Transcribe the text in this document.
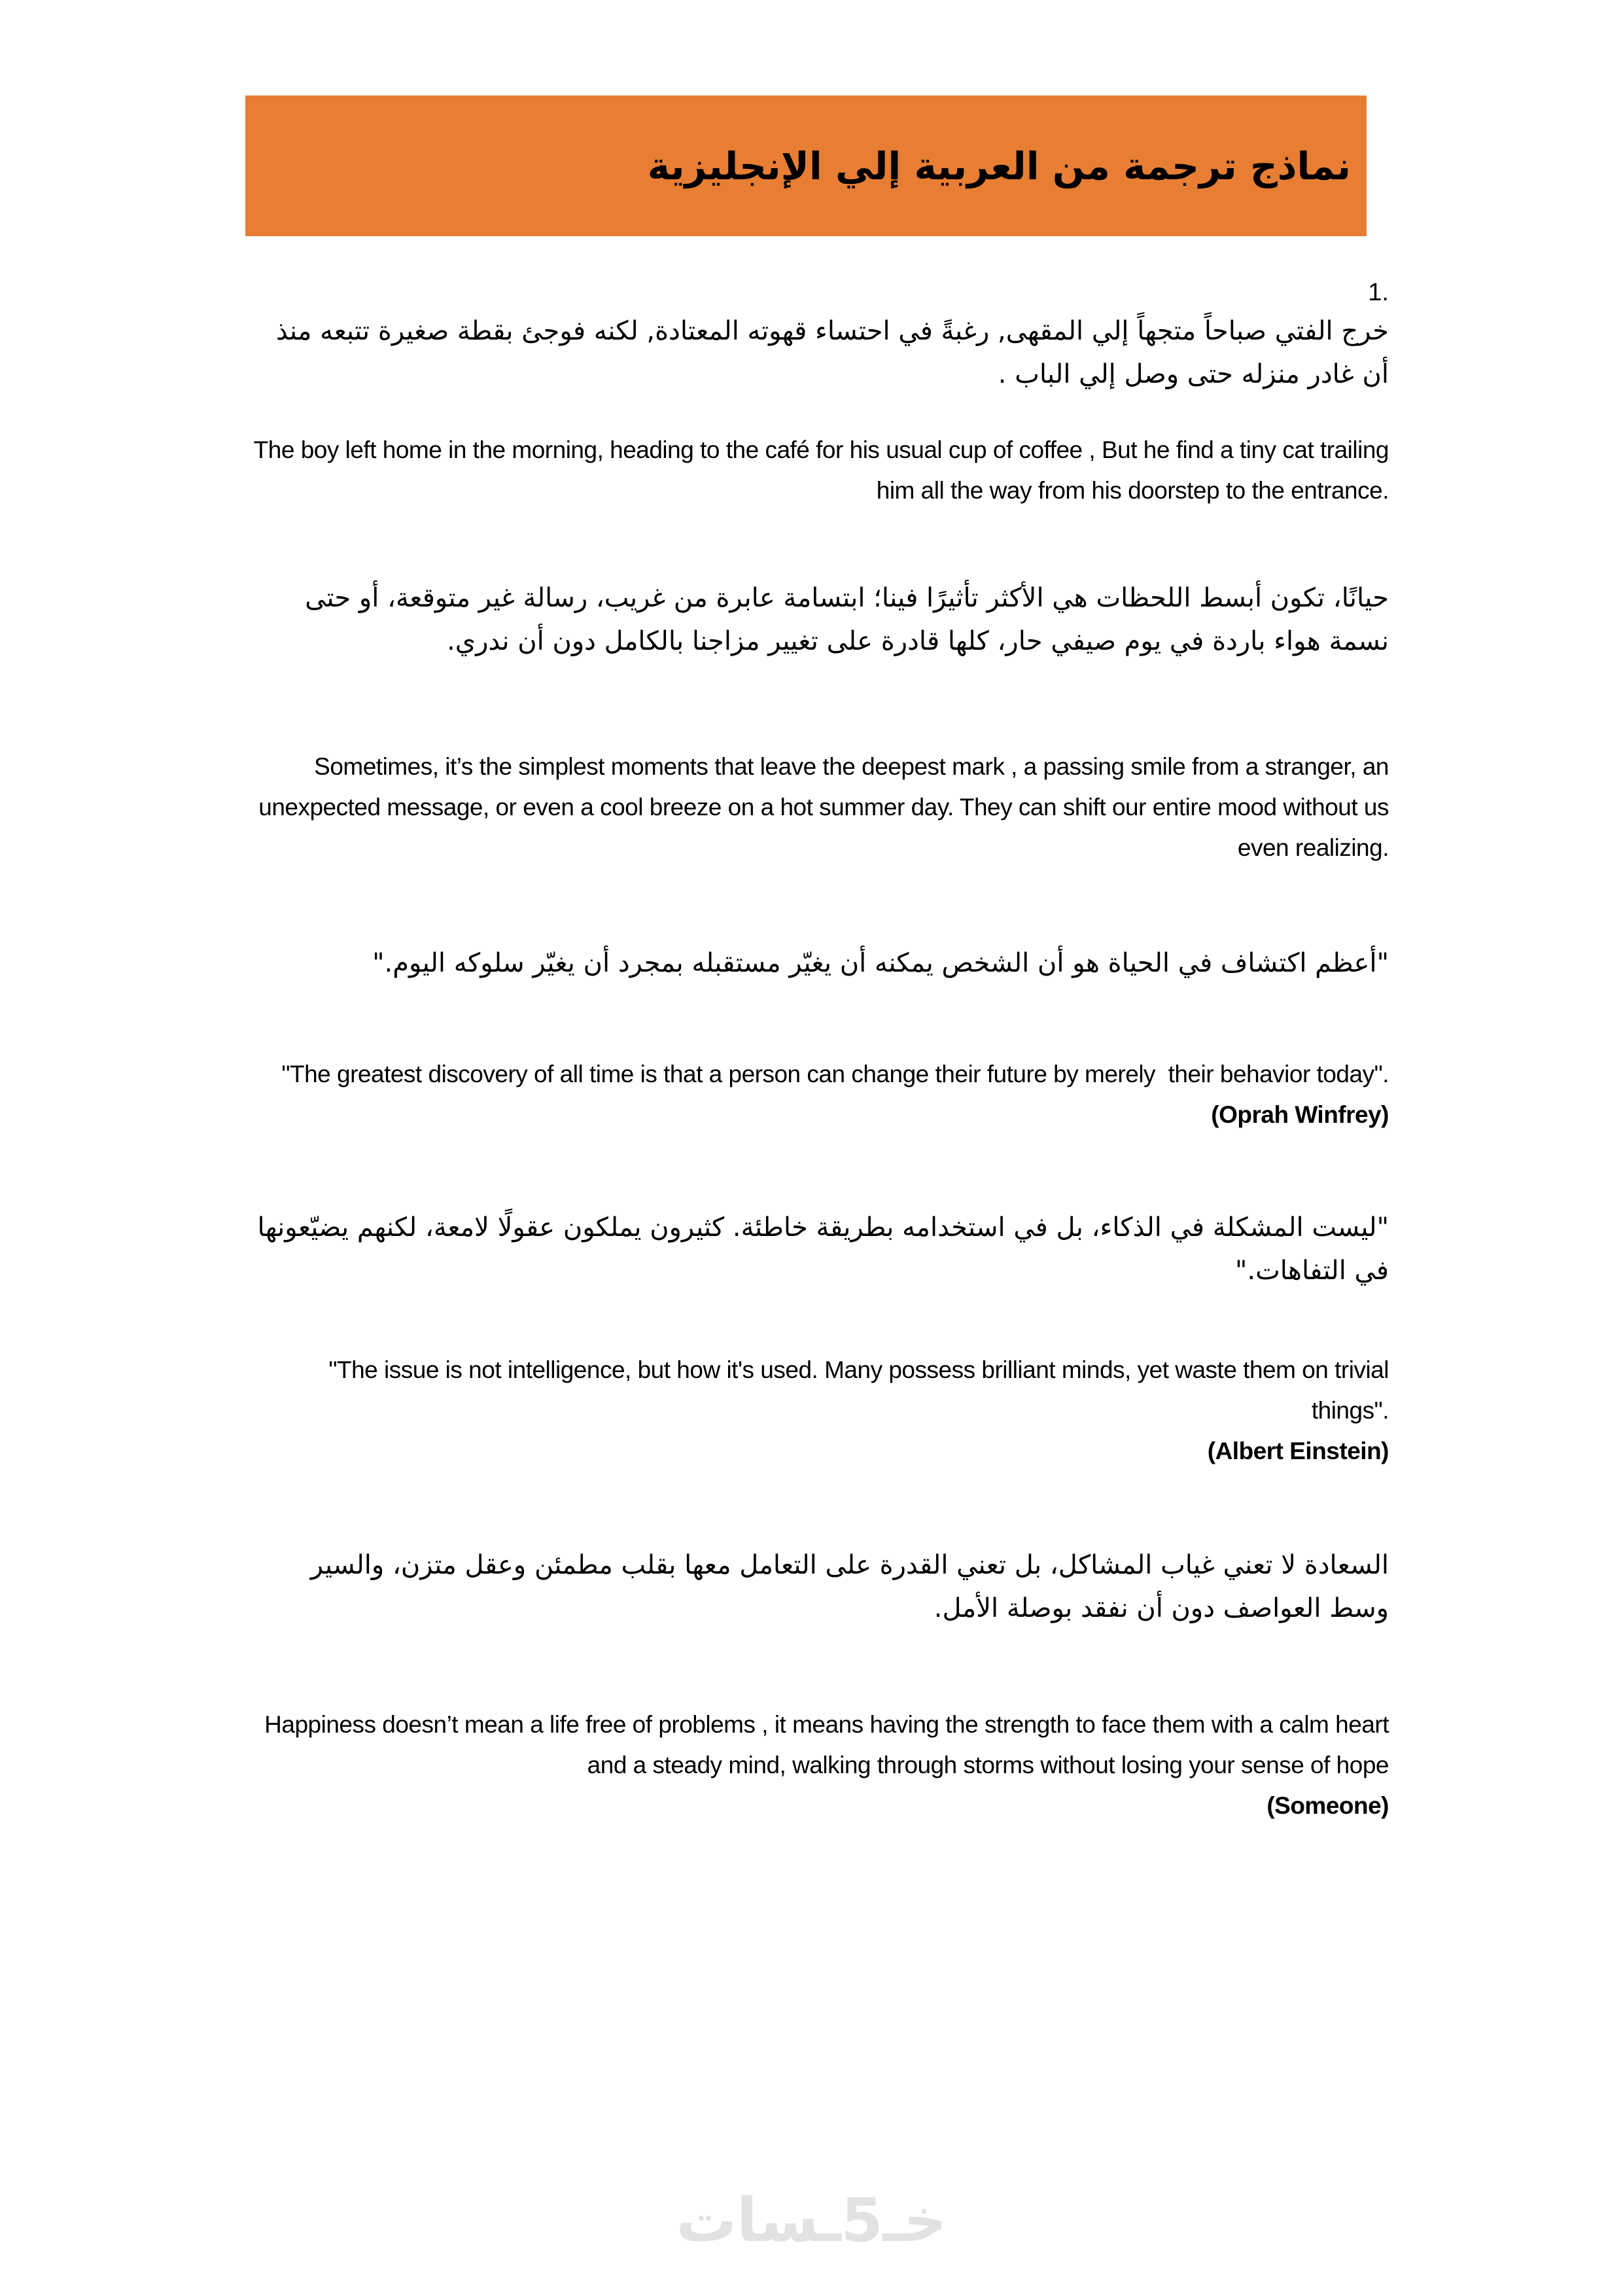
نماذج ترجمة من العربية إلي الإنجليزية

1.

خرج الفتي صباحاً متجهاً إلي المقهى, رغبةً في احتساء قهوته المعتادة, لكنه فوجئ بقطة صغيرة تتبعه منذ أن غادر منزله حتى وصل إلي الباب .

The boy left home in the morning, heading to the café for his usual cup of coffee , But he find a tiny cat trailing him all the way from his doorstep to the entrance.

حيانًا، تكون أبسط اللحظات هي الأكثر تأثيرًا فينا؛ ابتسامة عابرة من غريب، رسالة غير متوقعة، أو حتى نسمة هواء باردة في يوم صيفي حار، كلها قادرة على تغيير مزاجنا بالكامل دون أن ندري.

Sometimes, it’s the simplest moments that leave the deepest mark , a passing smile from a stranger, an unexpected message, or even a cool breeze on a hot summer day. They can shift our entire mood without us even realizing.

"أعظم اكتشاف في الحياة هو أن الشخص يمكنه أن يغيّر مستقبله بمجرد أن يغيّر سلوكه اليوم."

"The greatest discovery of all time is that a person can change their future by merely  their behavior today".

(Oprah Winfrey)

"ليست المشكلة في الذكاء، بل في استخدامه بطريقة خاطئة. كثيرون يملكون عقولًا لامعة، لكنهم يضيّعونها في التفاهات."

"The issue is not intelligence, but how it's used. Many possess brilliant minds, yet waste them on trivial things".

(Albert Einstein)

السعادة لا تعني غياب المشاكل، بل تعني القدرة على التعامل معها بقلب مطمئن وعقل متزن، والسير وسط العواصف دون أن نفقد بوصلة الأمل.

Happiness doesn’t mean a life free of problems , it means having the strength to face them with a calm heart and a steady mind, walking through storms without losing your sense of hope

(Someone)

خـ5ـسات
